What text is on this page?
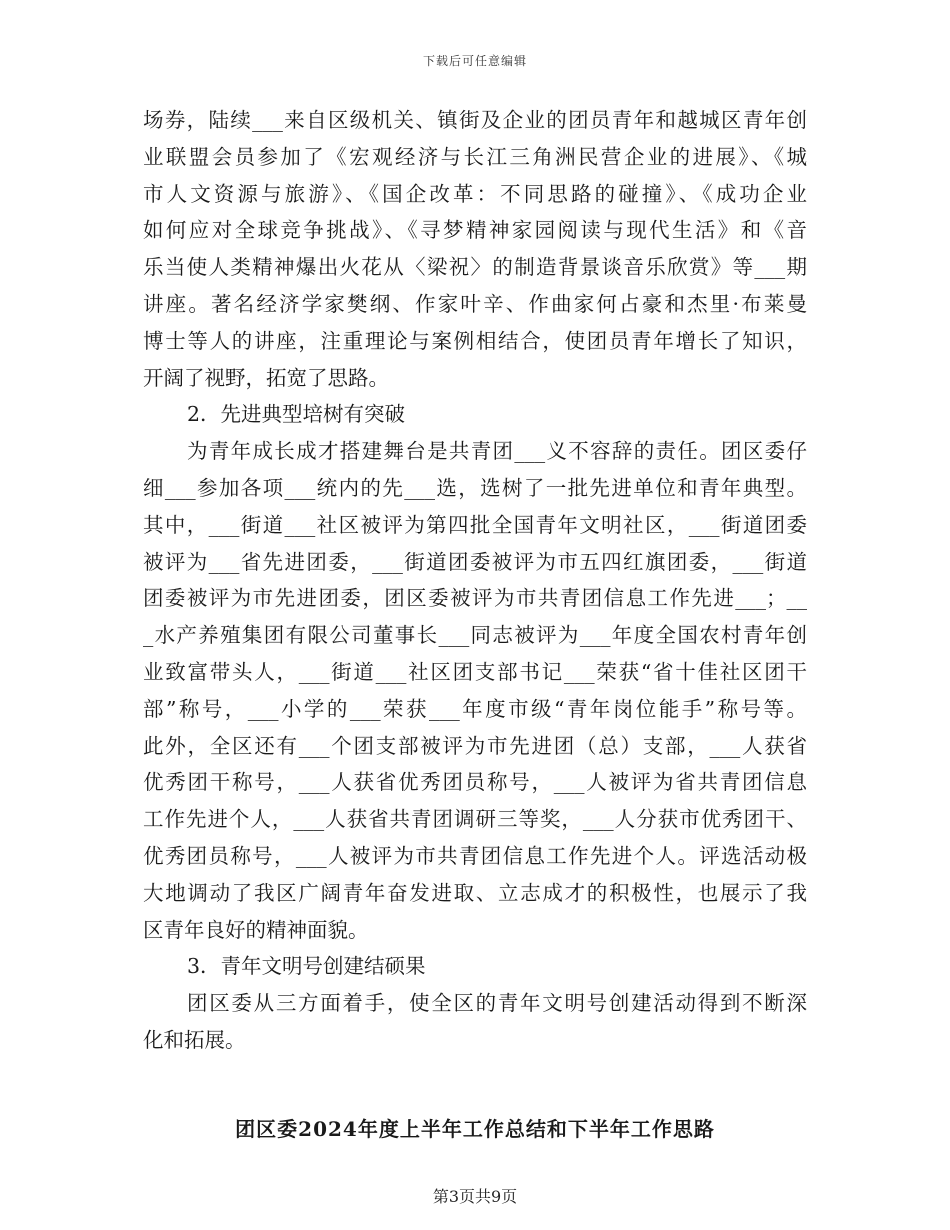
下载后可任意编辑
场券，陆续___来自区级机关、镇街及企业的团员青年和越城区青年创
业联盟会员参加了《宏观经济与长江三角洲民营企业的进展》、《城
市人文资源与旅游》、《国企改革：不同思路的碰撞》、《成功企业
如何应对全球竞争挑战》、《寻梦精神家园阅读与现代生活》和《音
乐当使人类精神爆出火花从〈梁祝〉的制造背景谈音乐欣赏》等___期
讲座。著名经济学家樊纲、作家叶辛、作曲家何占豪和杰里·布莱曼
博士等人的讲座，注重理论与案例相结合，使团员青年增长了知识，
开阔了视野，拓宽了思路。
2．先进典型培树有突破
为青年成长成才搭建舞台是共青团___义不容辞的责任。团区委仔
细___参加各项___统内的先___选，选树了一批先进单位和青年典型。
其中，___街道___社区被评为第四批全国青年文明社区，___街道团委
被评为___省先进团委，___街道团委被评为市五四红旗团委，___街道
团委被评为市先进团委，团区委被评为市共青团信息工作先进___；__
_水产养殖集团有限公司董事长___同志被评为___年度全国农村青年创
业致富带头人，___街道___社区团支部书记___荣获“省十佳社区团干
部”称号，___小学的___荣获___年度市级“青年岗位能手”称号等。
此外，全区还有___个团支部被评为市先进团（总）支部，___人获省
优秀团干称号，___人获省优秀团员称号，___人被评为省共青团信息
工作先进个人，___人获省共青团调研三等奖，___人分获市优秀团干、
优秀团员称号，___人被评为市共青团信息工作先进个人。评选活动极
大地调动了我区广阔青年奋发进取、立志成才的积极性，也展示了我
区青年良好的精神面貌。
3．青年文明号创建结硕果
团区委从三方面着手，使全区的青年文明号创建活动得到不断深
化和拓展。
团区委2024年度上半年工作总结和下半年工作思路
第3页共9页
